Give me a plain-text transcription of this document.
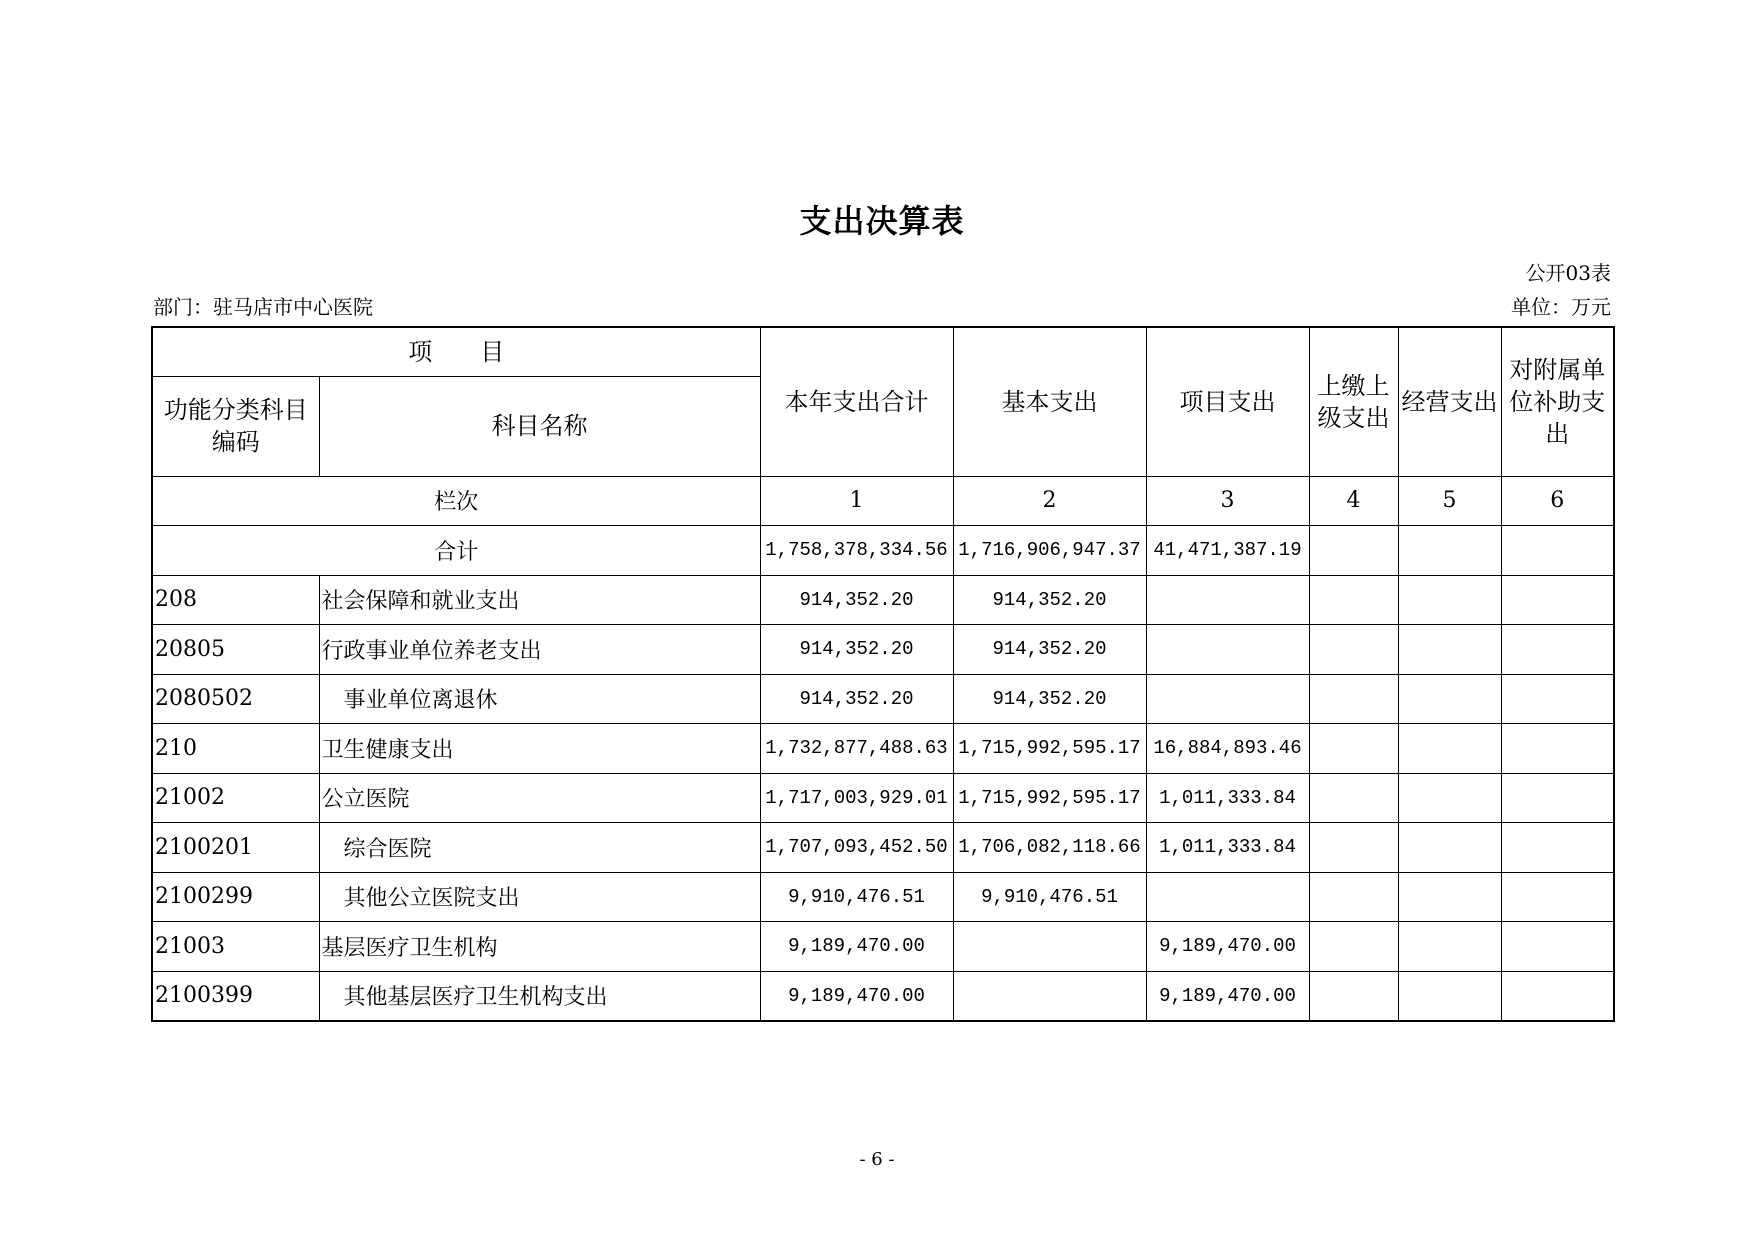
支出决算表
公开03表
部门：驻马店市中心医院	单位：万元
项　　目		本年支出合计	基本支出	项目支出	上缴上级支出	经营支出	对附属单位补助支出
功能分类科目编码	科目名称						
栏次		1	2	3	4	5	6
合计		1,758,378,334.56	1,716,906,947.37	41,471,387.19			
208	社会保障和就业支出	914,352.20	914,352.20				
20805	行政事业单位养老支出	914,352.20	914,352.20				
2080502	事业单位离退休	914,352.20	914,352.20				
210	卫生健康支出	1,732,877,488.63	1,715,992,595.17	16,884,893.46			
21002	公立医院	1,717,003,929.01	1,715,992,595.17	1,011,333.84			
2100201	综合医院	1,707,093,452.50	1,706,082,118.66	1,011,333.84			
2100299	其他公立医院支出	9,910,476.51	9,910,476.51				
21003	基层医疗卫生机构	9,189,470.00		9,189,470.00			
2100399	其他基层医疗卫生机构支出	9,189,470.00		9,189,470.00			
- 6 -
